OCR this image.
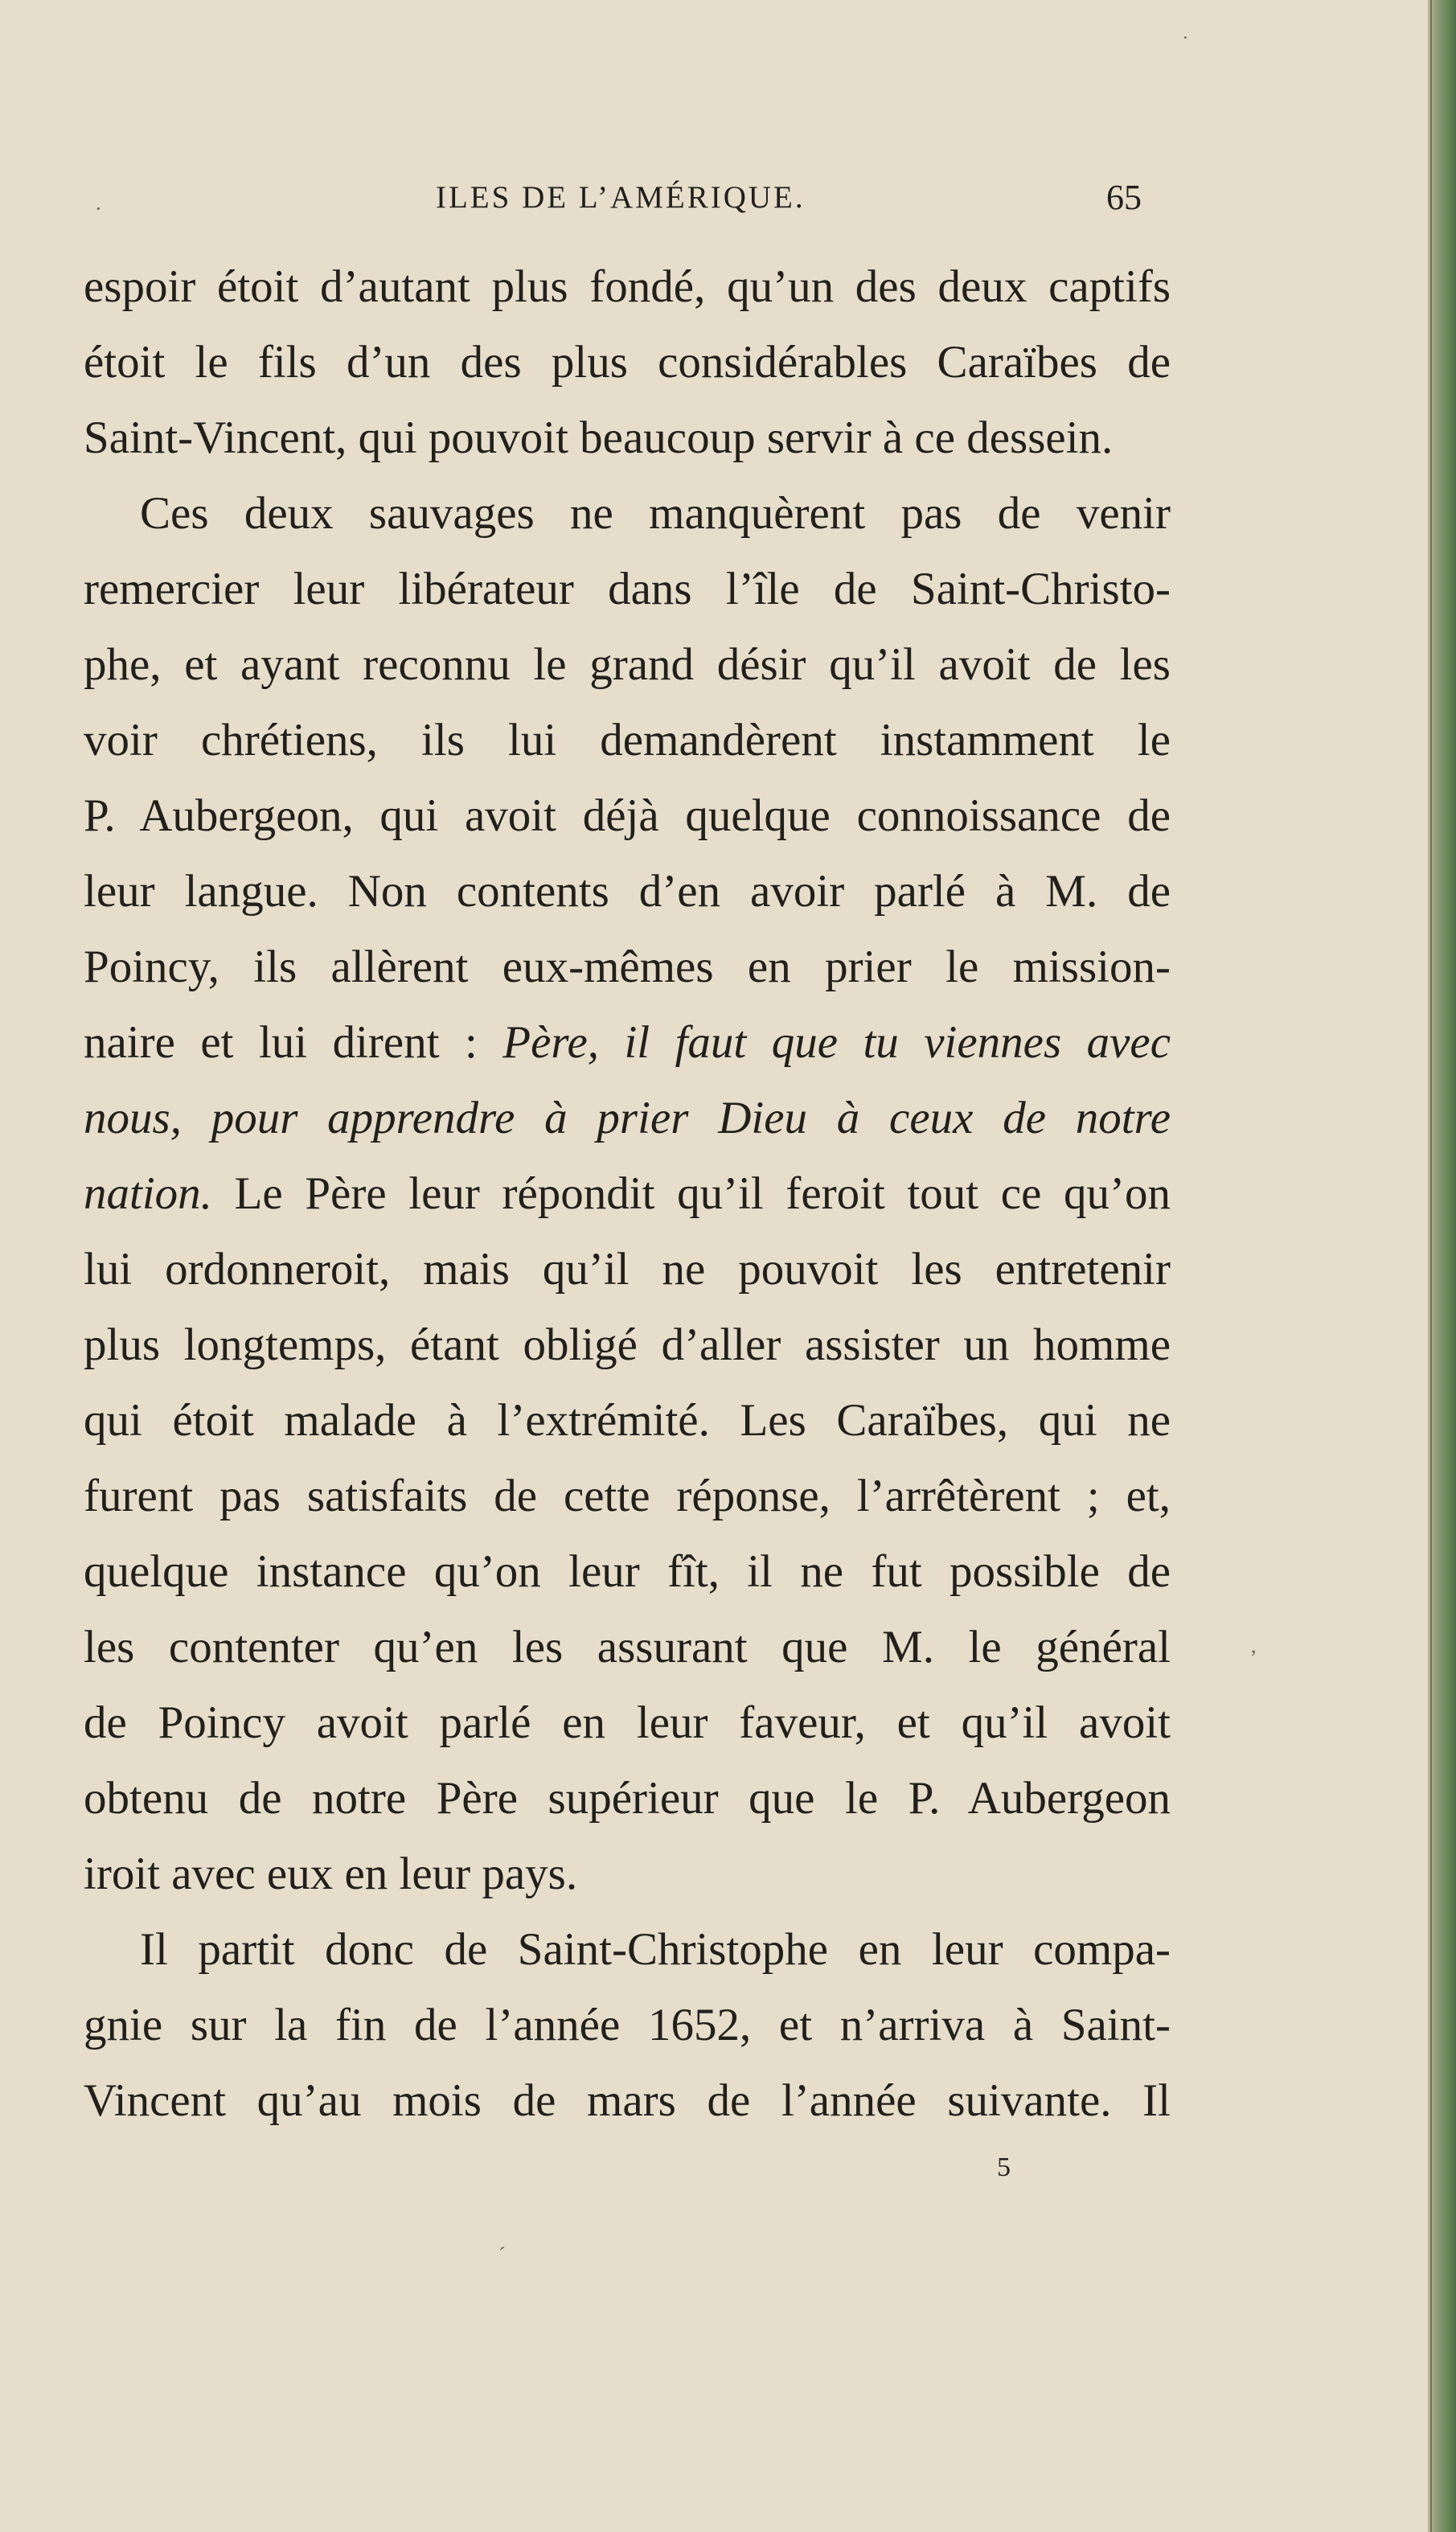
ILES DE L’AMÉRIQUE.	65
espoir étoit d’autant plus fondé, qu’un des deux captifs
étoit le fils d’un des plus considérables Caraïbes de
Saint-Vincent, qui pouvoit beaucoup servir à ce dessein.
Ces deux sauvages ne manquèrent pas de venir
remercier leur libérateur dans l’île de Saint-Christo-
phe, et ayant reconnu le grand désir qu’il avoit de les
voir chrétiens, ils lui demandèrent instamment le
P. Aubergeon, qui avoit déjà quelque connoissance de
leur langue. Non contents d’en avoir parlé à M. de
Poincy, ils allèrent eux-mêmes en prier le mission-
naire et lui dirent : Père, il faut que tu viennes avec
nous, pour apprendre à prier Dieu à ceux de notre
nation. Le Père leur répondit qu’il feroit tout ce qu’on
lui ordonneroit, mais qu’il ne pouvoit les entretenir
plus longtemps, étant obligé d’aller assister un homme
qui étoit malade à l’extrémité. Les Caraïbes, qui ne
furent pas satisfaits de cette réponse, l’arrêtèrent ; et,
quelque instance qu’on leur fît, il ne fut possible de
les contenter qu’en les assurant que M. le général
de Poincy avoit parlé en leur faveur, et qu’il avoit
obtenu de notre Père supérieur que le P. Aubergeon
iroit avec eux en leur pays.
Il partit donc de Saint-Christophe en leur compa-
gnie sur la fin de l’année 1652, et n’arriva à Saint-
Vincent qu’au mois de mars de l’année suivante. Il
5
·
˙
,
´
